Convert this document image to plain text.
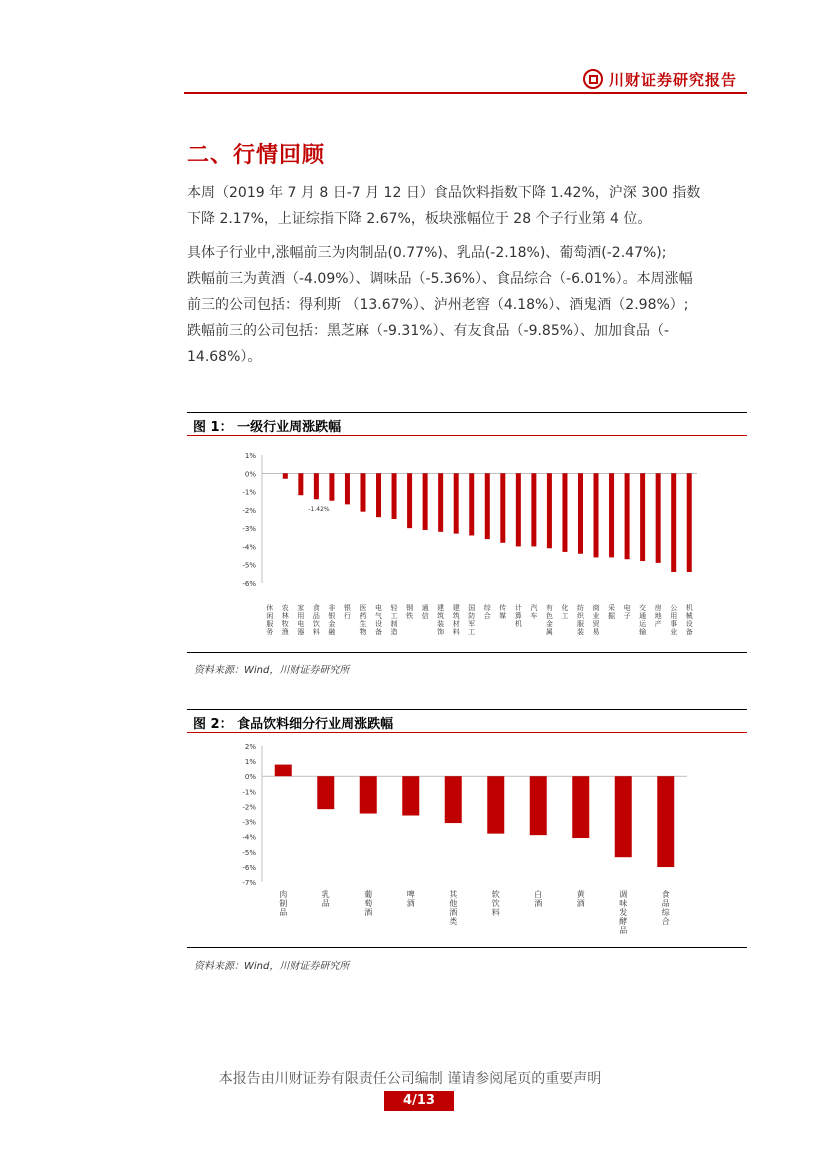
川财证券研究报告
二、行情回顾
本周（2019 年 7 月 8 日-7 月 12 日）食品饮料指数下降 1.42%，沪深 300 指数
下降 2.17%，上证综指下降 2.67%，板块涨幅位于 28 个子行业第 4 位。
具体子行业中,涨幅前三为肉制品(0.77%)、乳品(-2.18%)、葡萄酒(-2.47%);
跌幅前三为黄酒（-4.09%）、调味品（-5.36%）、食品综合（-6.01%）。本周涨幅
前三的公司包括：得利斯 （13.67%）、泸州老窖（4.18%）、酒鬼酒（2.98%）;
跌幅前三的公司包括：黑芝麻（-9.31%）、有友食品（-9.85%）、加加食品（-
14.68%）。
图 1： 一级行业周涨跌幅
1%
0%
-1%
-2%
-3%
-4%
-5%
-6%
休闲服务
农林牧渔
家用电器
食品饮料
非银金融
银行
医药生物
电气设备
轻工制造
钢铁
通信
建筑装饰
建筑材料
国防军工
综合
传媒
计算机
汽车
有色金属
化工
纺织服装
商业贸易
采掘
电子
交通运输
房地产
公用事业
机械设备
-1.42%
资料来源：Wind，川财证券研究所
图 2： 食品饮料细分行业周涨跌幅
2%
1%
0%
-1%
-2%
-3%
-4%
-5%
-6%
-7%
肉制品
乳品
葡萄酒
啤酒
其他酒类
软饮料
白酒
黄酒
调味发酵品
食品综合
资料来源：Wind，川财证券研究所
本报告由川财证券有限责任公司编制 谨请参阅尾页的重要声明
4/13
